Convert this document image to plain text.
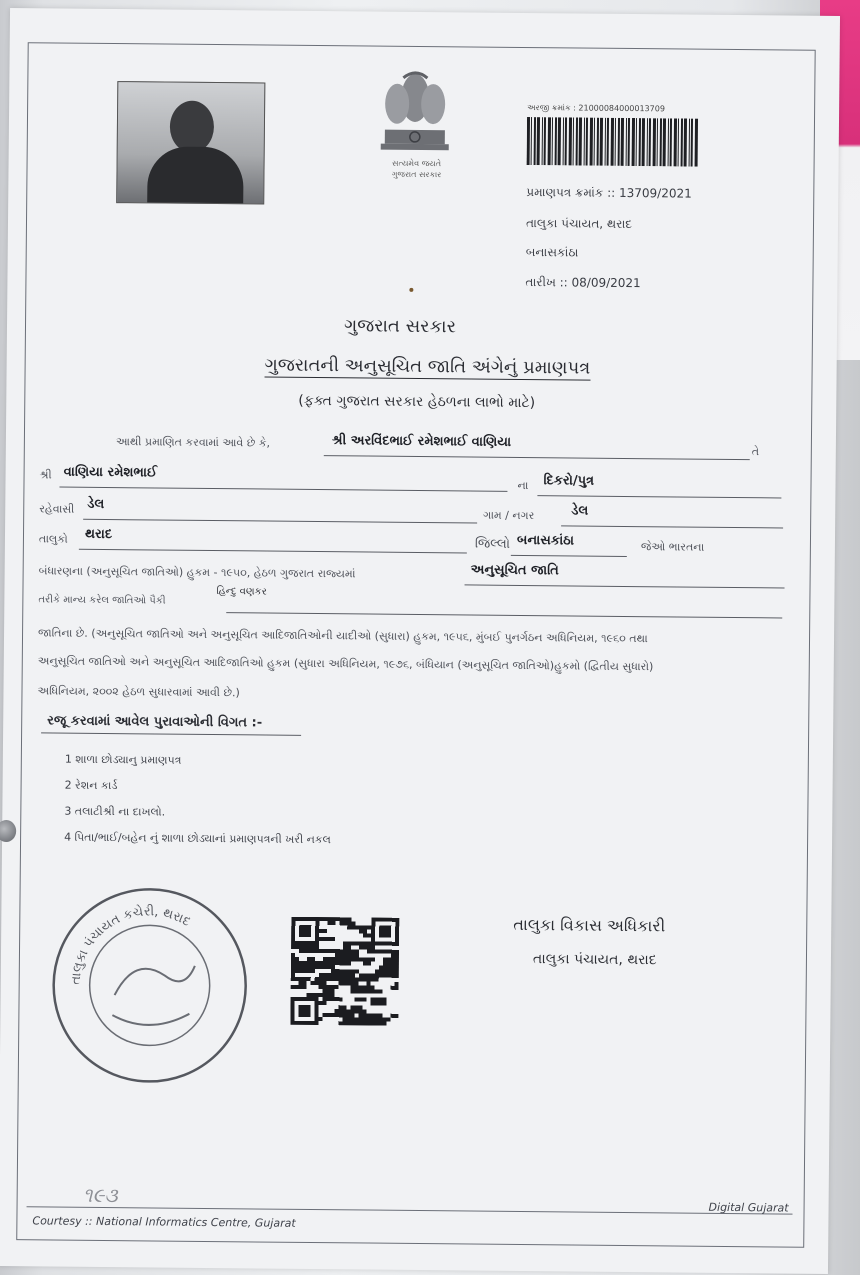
સત્યમેવ જયતે
ગુજરાત સરકાર
અરજી ક્રમાંક : 21000084000013709
પ્રમાણપત્ર ક્રમાંક :: 13709/2021
તાલુકા પંચાયત, થરાદ
બનાસકાંઠા
તારીખ :: 08/09/2021
ગુજરાત સરકાર
ગુજરાતની અનુસૂચિત જાતિ અંગેનું પ્રમાણપત્ર
(ફક્ત ગુજરાત સરકાર હેઠળના લાભો માટે)
આથી પ્રમાણિત કરવામાં આવે છે કે,	શ્રી અરવિંદભાઈ રમેશભાઈ વાણિયા
તે
શ્રી વાણિયા રમેશભાઈ
ના દિકરો/પુત્ર
રહેવાસી ડેલ
ગામ / નગર	ડેલ
તાલુકો થરાદ
જિલ્લો બનાસકાંઠા	જેઓ ભારતના
બંધારણના (અનુસૂચિત જાતિઓ) હુકમ - ૧૯૫૦, હેઠળ ગુજરાત રાજ્યમાં	અનુસૂચિત જાતિ
તરીકે માન્ય કરેલ જાતિઓ પૈકી
હિન્દુ વણકર
જાતિના છે. (અનુસૂચિત જાતિઓ અને અનુસૂચિત આદિજાતિઓની યાદીઓ (સુધારા) હુકમ, ૧૯૫૬, મુંબઈ પુનર્ગઠન અધિનિયમ, ૧૯૬૦ તથા
અનુસૂચિત જાતિઓ અને અનુસૂચિત આદિજાતિઓ હુકમ (સુધારા અધિનિયમ, ૧૯૭૬, બંધિયાન (અનુસૂચિત જાતિઓ)હુકમો (દ્વિતીય સુધારો)
અધિનિયમ, ૨૦૦૨ હેઠળ સુધારવામાં આવી છે.)
રજૂ કરવામાં આવેલ પુરાવાઓની વિગત :-
1 શાળા છોડ્યાનુ પ્રમાણપત્ર
2 રેશન કાર્ડ
3 તલાટીશ્રી ના દાખલો.
4 પિતા/ભાઈ/બહેન નું શાળા છોડ્યાનાં પ્રમાણપત્રની ખરી નકલ
તાલુકા પંચાયત કચેરી, થરાદ	તાલુકા વિકાસ અધિકારી
તાલુકા પંચાયત, થરાદ
૧૯૩
Courtesy :: National Informatics Centre, Gujarat
Digital Gujarat
